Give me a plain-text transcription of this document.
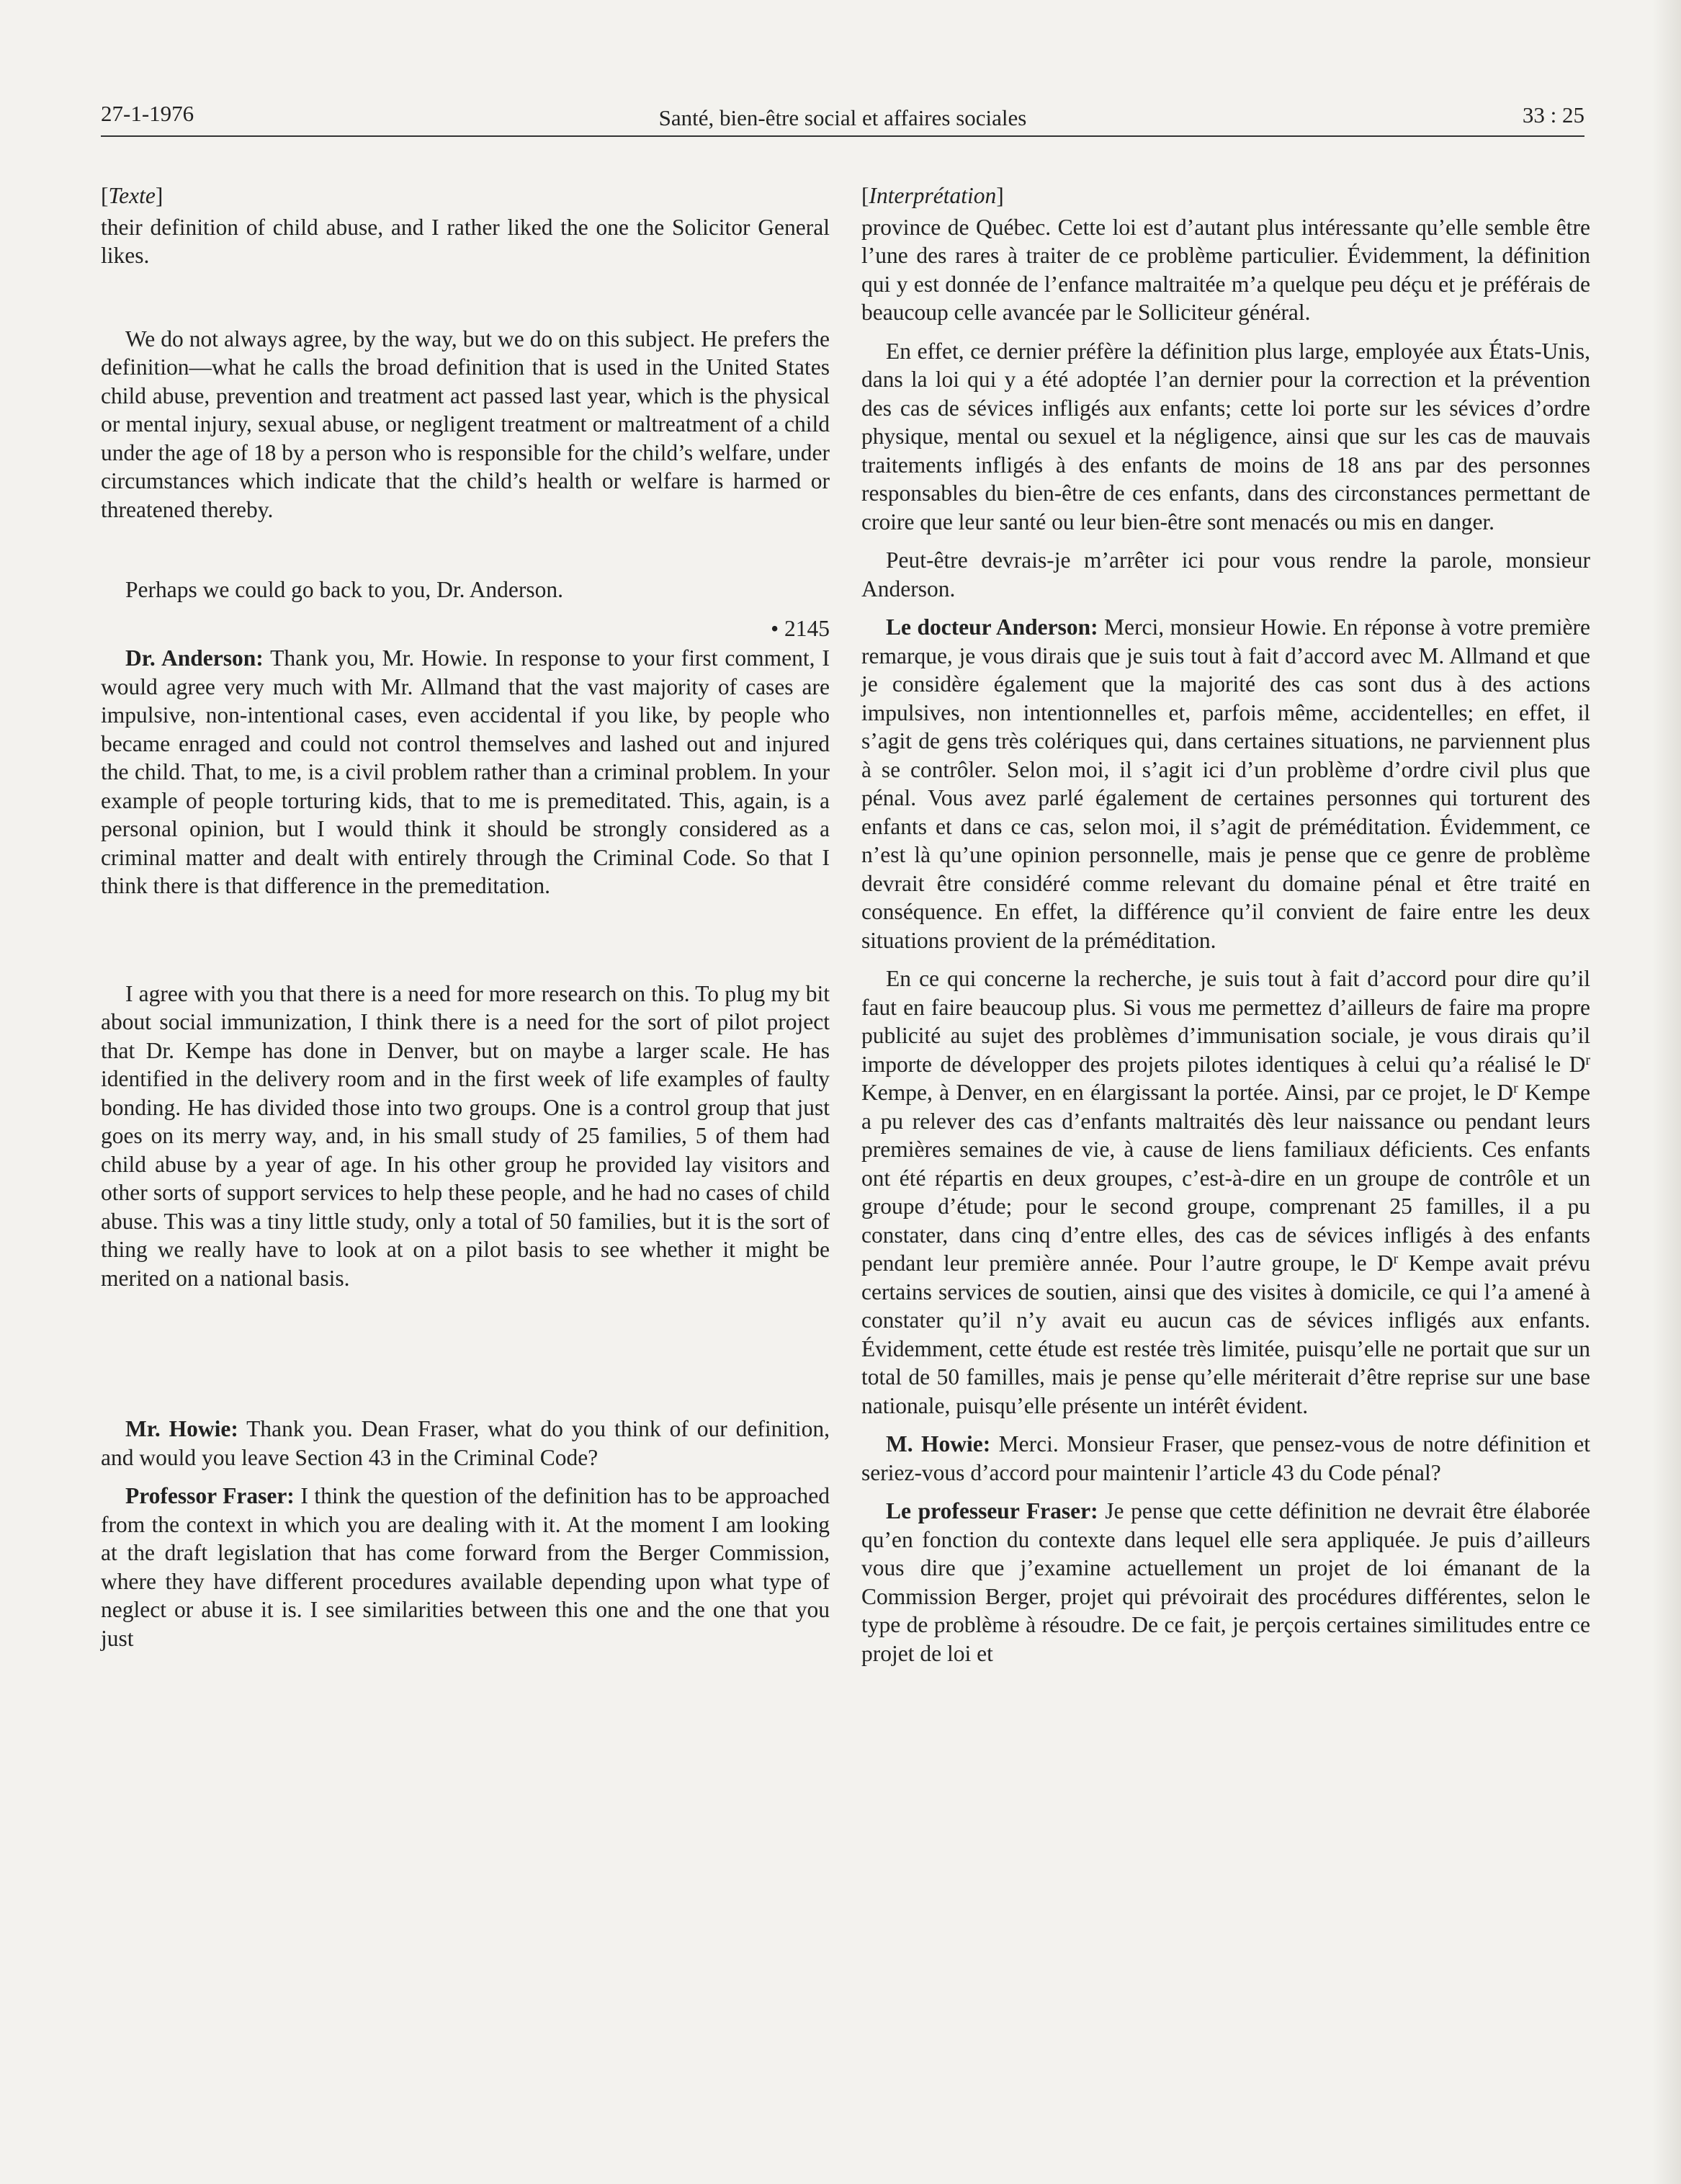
27-1-1976	Santé, bien-être social et affaires sociales	33 : 25
[Texte]

their definition of child abuse, and I rather liked the one the Solicitor General likes.

We do not always agree, by the way, but we do on this subject. He prefers the definition—what he calls the broad definition that is used in the United States child abuse, prevention and treatment act passed last year, which is the physical or mental injury, sexual abuse, or negligent treatment or maltreatment of a child under the age of 18 by a person who is responsible for the child’s welfare, under circumstances which indicate that the child’s health or welfare is harmed or threatened thereby.

Perhaps we could go back to you, Dr. Anderson.

• 2145

Dr. Anderson: Thank you, Mr. Howie. In response to your first comment, I would agree very much with Mr. Allmand that the vast majority of cases are impulsive, non-intentional cases, even accidental if you like, by people who became enraged and could not control themselves and lashed out and injured the child. That, to me, is a civil problem rather than a criminal problem. In your example of people torturing kids, that to me is premeditated. This, again, is a personal opinion, but I would think it should be strongly considered as a criminal matter and dealt with entirely through the Criminal Code. So that I think there is that difference in the premeditation.

I agree with you that there is a need for more research on this. To plug my bit about social immunization, I think there is a need for the sort of pilot project that Dr. Kempe has done in Denver, but on maybe a larger scale. He has identified in the delivery room and in the first week of life examples of faulty bonding. He has divided those into two groups. One is a control group that just goes on its merry way, and, in his small study of 25 families, 5 of them had child abuse by a year of age. In his other group he provided lay visitors and other sorts of support services to help these people, and he had no cases of child abuse. This was a tiny little study, only a total of 50 families, but it is the sort of thing we really have to look at on a pilot basis to see whether it might be merited on a national basis.

Mr. Howie: Thank you. Dean Fraser, what do you think of our definition, and would you leave Section 43 in the Criminal Code?

Professor Fraser: I think the question of the definition has to be approached from the context in which you are dealing with it. At the moment I am looking at the draft legislation that has come forward from the Berger Commission, where they have different procedures available depending upon what type of neglect or abuse it is. I see similarities between this one and the one that you just

[Interprétation]

province de Québec. Cette loi est d’autant plus intéressante qu’elle semble être l’une des rares à traiter de ce problème particulier. Évidemment, la définition qui y est donnée de l’enfance maltraitée m’a quelque peu déçu et je préférais de beaucoup celle avancée par le Solliciteur général.

En effet, ce dernier préfère la définition plus large, employée aux États-Unis, dans la loi qui y a été adoptée l’an dernier pour la correction et la prévention des cas de sévices infligés aux enfants; cette loi porte sur les sévices d’ordre physique, mental ou sexuel et la négligence, ainsi que sur les cas de mauvais traitements infligés à des enfants de moins de 18 ans par des personnes responsables du bien-être de ces enfants, dans des circonstances permettant de croire que leur santé ou leur bien-être sont menacés ou mis en danger.

Peut-être devrais-je m’arrêter ici pour vous rendre la parole, monsieur Anderson.

Le docteur Anderson: Merci, monsieur Howie. En réponse à votre première remarque, je vous dirais que je suis tout à fait d’accord avec M. Allmand et que je considère également que la majorité des cas sont dus à des actions impulsives, non intentionnelles et, parfois même, accidentelles; en effet, il s’agit de gens très colériques qui, dans certaines situations, ne parviennent plus à se contrôler. Selon moi, il s’agit ici d’un problème d’ordre civil plus que pénal. Vous avez parlé également de certaines personnes qui torturent des enfants et dans ce cas, selon moi, il s’agit de préméditation. Évidemment, ce n’est là qu’une opinion personnelle, mais je pense que ce genre de problème devrait être considéré comme relevant du domaine pénal et être traité en conséquence. En effet, la différence qu’il convient de faire entre les deux situations provient de la préméditation.

En ce qui concerne la recherche, je suis tout à fait d’accord pour dire qu’il faut en faire beaucoup plus. Si vous me permettez d’ailleurs de faire ma propre publicité au sujet des problèmes d’immunisation sociale, je vous dirais qu’il importe de développer des projets pilotes identiques à celui qu’a réalisé le $D^r$ Kempe, à Denver, en en élargissant la portée. Ainsi, par ce projet, le $D^r$ Kempe a pu relever des cas d’enfants maltraités dès leur naissance ou pendant leurs premières semaines de vie, à cause de liens familiaux déficients. Ces enfants ont été répartis en deux groupes, c’est-à-dire en un groupe de contrôle et un groupe d’étude; pour le second groupe, comprenant 25 familles, il a pu constater, dans cinq d’entre elles, des cas de sévices infligés à des enfants pendant leur première année. Pour l’autre groupe, le $D^r$ Kempe avait prévu certains services de soutien, ainsi que des visites à domicile, ce qui l’a amené à constater qu’il n’y avait eu aucun cas de sévices infligés aux enfants. Évidemment, cette étude est restée très limitée, puisqu’elle ne portait que sur un total de 50 familles, mais je pense qu’elle mériterait d’être reprise sur une base nationale, puisqu’elle présente un intérêt évident.

M. Howie: Merci. Monsieur Fraser, que pensez-vous de notre définition et seriez-vous d’accord pour maintenir l’article 43 du Code pénal?

Le professeur Fraser: Je pense que cette définition ne devrait être élaborée qu’en fonction du contexte dans lequel elle sera appliquée. Je puis d’ailleurs vous dire que j’examine actuellement un projet de loi émanant de la Commission Berger, projet qui prévoirait des procédures différentes, selon le type de problème à résoudre. De ce fait, je perçois certaines similitudes entre ce projet de loi et
